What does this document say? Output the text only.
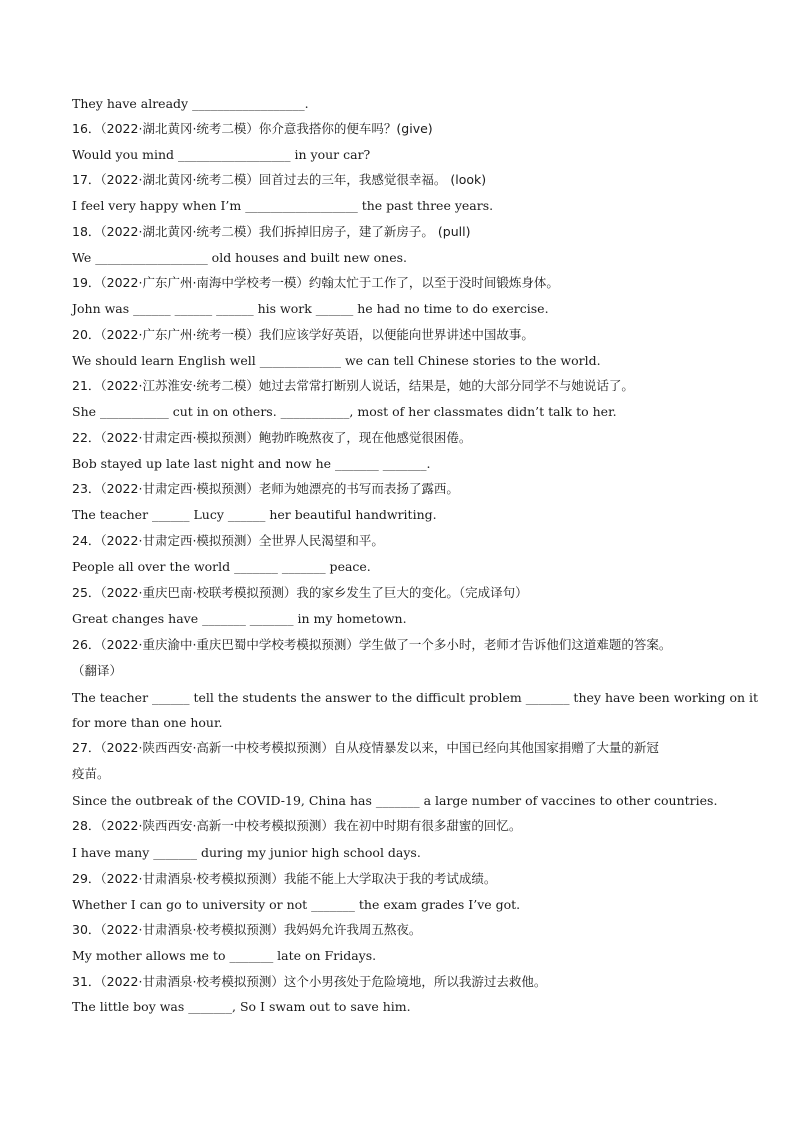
They have already __________________.
16．（2022·湖北黄冈·统考二模）你介意我搭你的便车吗？(give)
Would you mind __________________ in your car?
17．（2022·湖北黄冈·统考二模）回首过去的三年，我感觉很幸福。 (look)
I feel very happy when I’m __________________ the past three years.
18．（2022·湖北黄冈·统考二模）我们拆掉旧房子，建了新房子。 (pull)
We __________________ old houses and built new ones.
19．（2022·广东广州·南海中学校考一模）约翰太忙于工作了，以至于没时间锻炼身体。
John was ______ ______ ______ his work ______ he had no time to do exercise.
20．（2022·广东广州·统考一模）我们应该学好英语，以便能向世界讲述中国故事。
We should learn English well _____________ we can tell Chinese stories to the world.
21．（2022·江苏淮安·统考二模）她过去常常打断别人说话，结果是，她的大部分同学不与她说话了。
She ___________ cut in on others. ___________, most of her classmates didn’t talk to her.
22．（2022·甘肃定西·模拟预测）鲍勃昨晚熬夜了，现在他感觉很困倦。
Bob stayed up late last night and now he _______ _______.
23．（2022·甘肃定西·模拟预测）老师为她漂亮的书写而表扬了露西。
The teacher ______ Lucy ______ her beautiful handwriting.
24．（2022·甘肃定西·模拟预测）全世界人民渴望和平。
People all over the world _______ _______ peace.
25．（2022·重庆巴南·校联考模拟预测）我的家乡发生了巨大的变化。（完成译句）
Great changes have _______ _______ in my hometown.
26．（2022·重庆渝中·重庆巴蜀中学校考模拟预测）学生做了一个多小时，老师才告诉他们这道难题的答案。
（翻译）
The teacher ______ tell the students the answer to the difficult problem _______ they have been working on it
for more than one hour.
27．（2022·陕西西安·高新一中校考模拟预测）自从疫情暴发以来，中国已经向其他国家捐赠了大量的新冠
疫苗。
Since the outbreak of the COVID-19, China has _______ a large number of vaccines to other countries.
28．（2022·陕西西安·高新一中校考模拟预测）我在初中时期有很多甜蜜的回忆。
I have many _______ during my junior high school days.
29．（2022·甘肃酒泉·校考模拟预测）我能不能上大学取决于我的考试成绩。
Whether I can go to university or not _______ the exam grades I’ve got.
30．（2022·甘肃酒泉·校考模拟预测）我妈妈允许我周五熬夜。
My mother allows me to _______ late on Fridays.
31．（2022·甘肃酒泉·校考模拟预测）这个小男孩处于危险境地，所以我游过去救他。
The little boy was _______, So I swam out to save him.
